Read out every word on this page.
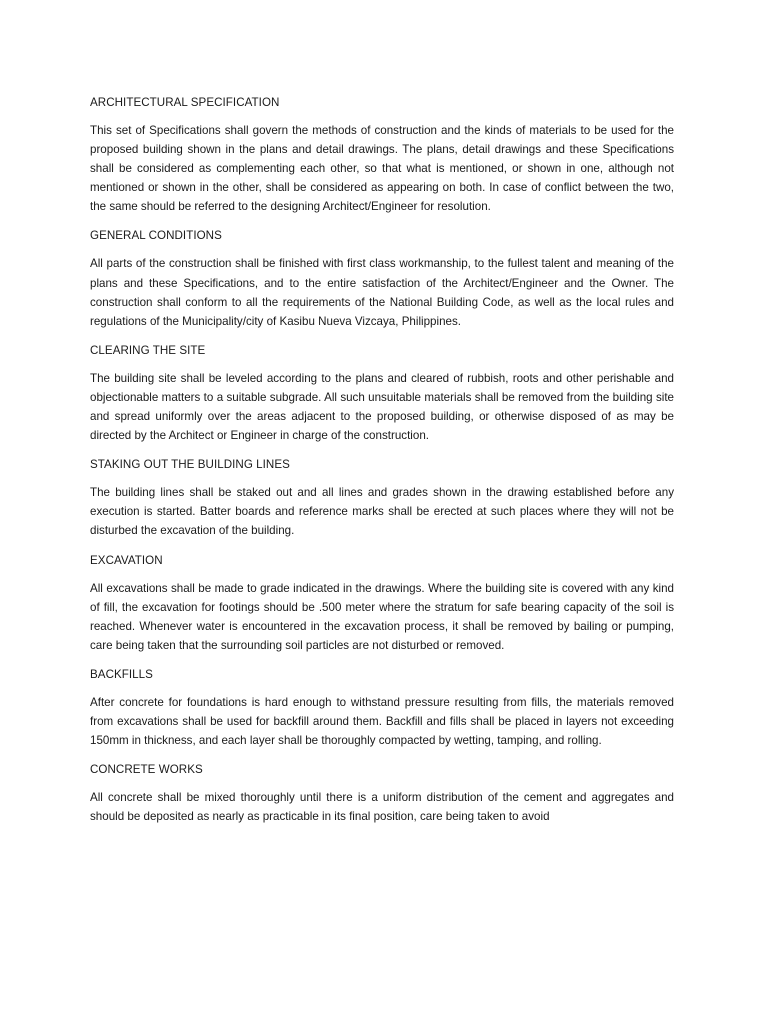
ARCHITECTURAL SPECIFICATION
This set of Specifications shall govern the methods of construction and the kinds of materials to be used for the proposed building shown in the plans and detail drawings. The plans, detail drawings and these Specifications shall be considered as complementing each other, so that what is mentioned, or shown in one, although not mentioned or shown in the other, shall be considered as appearing on both. In case of conflict between the two, the same should be referred to the designing Architect/Engineer for resolution.
GENERAL CONDITIONS
All parts of the construction shall be finished with first class workmanship, to the fullest talent and meaning of the plans and these Specifications, and to the entire satisfaction of the Architect/Engineer and the Owner. The construction shall conform to all the requirements of the National Building Code, as well as the local rules and regulations of the Municipality/city of Kasibu Nueva Vizcaya, Philippines.
CLEARING THE SITE
The building site shall be leveled according to the plans and cleared of rubbish, roots and other perishable and objectionable matters to a suitable subgrade. All such unsuitable materials shall be removed from the building site and spread uniformly over the areas adjacent to the proposed building, or otherwise disposed of as may be directed by the Architect or Engineer in charge of the construction.
STAKING OUT THE BUILDING LINES
The building lines shall be staked out and all lines and grades shown in the drawing established before any execution is started. Batter boards and reference marks shall be erected at such places where they will not be disturbed the excavation of the building.
EXCAVATION
All excavations shall be made to grade indicated in the drawings. Where the building site is covered with any kind of fill, the excavation for footings should be .500 meter where the stratum for safe bearing capacity of the soil is reached. Whenever water is encountered in the excavation process, it shall be removed by bailing or pumping, care being taken that the surrounding soil particles are not disturbed or removed.
BACKFILLS
After concrete for foundations is hard enough to withstand pressure resulting from fills, the materials removed from excavations shall be used for backfill around them. Backfill and fills shall be placed in layers not exceeding 150mm in thickness, and each layer shall be thoroughly compacted by wetting, tamping, and rolling.
CONCRETE WORKS
All concrete shall be mixed thoroughly until there is a uniform distribution of the cement and aggregates and should be deposited as nearly as practicable in its final position, care being taken to avoid
